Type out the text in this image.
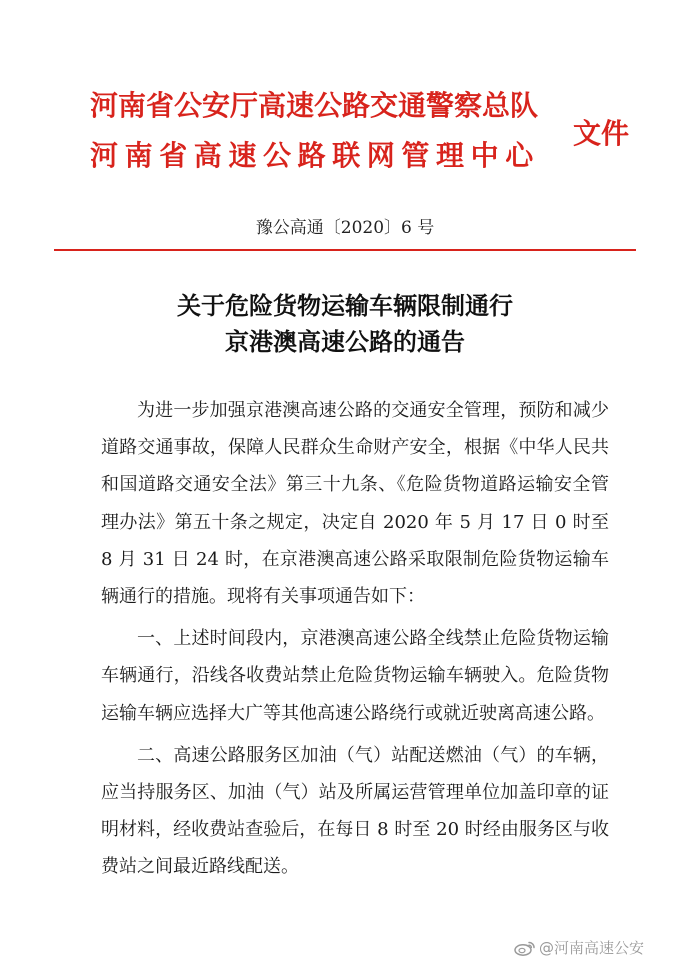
河南省公安厅高速公路交通警察总队
河南省高速公路联网管理中心
文件
豫公高通〔2020〕6 号
关于危险货物运输车辆限制通行
京港澳高速公路的通告

为进一步加强京港澳高速公路的交通安全管理，预防和减少道路交通事故，保障人民群众生命财产安全，根据《中华人民共和国道路交通安全法》第三十九条、《危险货物道路运输安全管理办法》第五十条之规定，决定自 2020 年 5 月 17 日 0 时至 8 月 31 日 24 时，在京港澳高速公路采取限制危险货物运输车辆通行的措施。现将有关事项通告如下：

一、上述时间段内，京港澳高速公路全线禁止危险货物运输车辆通行，沿线各收费站禁止危险货物运输车辆驶入。危险货物运输车辆应选择大广等其他高速公路绕行或就近驶离高速公路。

二、高速公路服务区加油（气）站配送燃油（气）的车辆，应当持服务区、加油（气）站及所属运营管理单位加盖印章的证明材料，经收费站查验后，在每日 8 时至 20 时经由服务区与收费站之间最近路线配送。

@河南高速公安
